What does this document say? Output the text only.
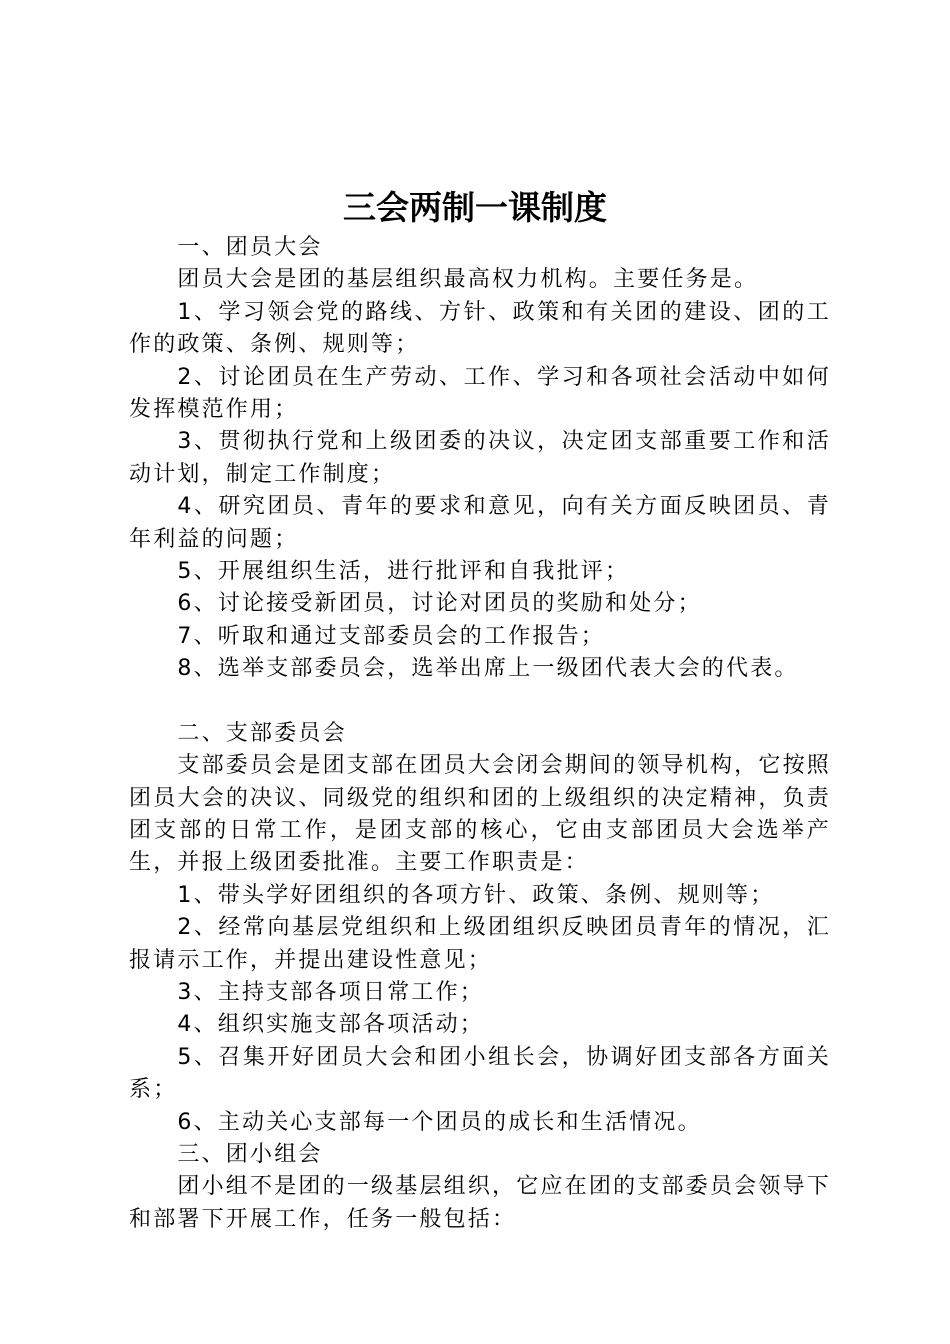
三会两制一课制度

一、团员大会

团员大会是团的基层组织最高权力机构。主要任务是。

1、学习领会党的路线、方针、政策和有关团的建设、团的工作的政策、条例、规则等；

2、讨论团员在生产劳动、工作、学习和各项社会活动中如何发挥模范作用；

3、贯彻执行党和上级团委的决议，决定团支部重要工作和活动计划，制定工作制度；

4、研究团员、青年的要求和意见，向有关方面反映团员、青年利益的问题；

5、开展组织生活，进行批评和自我批评；

6、讨论接受新团员，讨论对团员的奖励和处分；

7、听取和通过支部委员会的工作报告；

8、选举支部委员会，选举出席上一级团代表大会的代表。

二、支部委员会

支部委员会是团支部在团员大会闭会期间的领导机构，它按照团员大会的决议、同级党的组织和团的上级组织的决定精神，负责团支部的日常工作，是团支部的核心，它由支部团员大会选举产生，并报上级团委批准。主要工作职责是：

1、带头学好团组织的各项方针、政策、条例、规则等；

2、经常向基层党组织和上级团组织反映团员青年的情况，汇报请示工作，并提出建设性意见；

3、主持支部各项日常工作；

4、组织实施支部各项活动；

5、召集开好团员大会和团小组长会，协调好团支部各方面关系；

6、主动关心支部每一个团员的成长和生活情况。

三、团小组会

团小组不是团的一级基层组织，它应在团的支部委员会领导下和部署下开展工作，任务一般包括：
